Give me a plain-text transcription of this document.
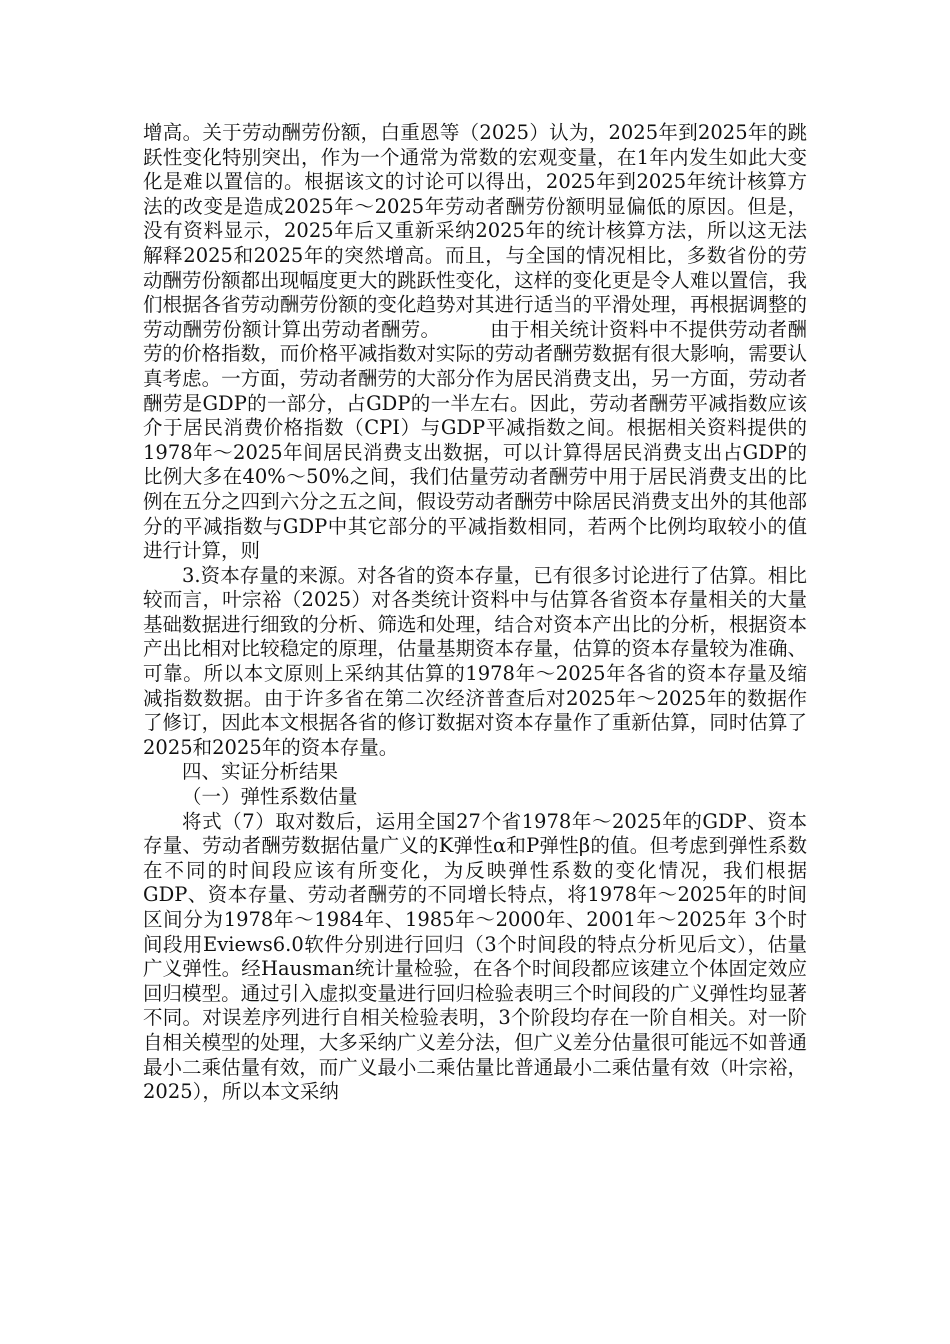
增高。关于劳动酬劳份额，白重恩等（2025）认为，2025年到2025年的跳跃性变化特别突出，作为一个通常为常数的宏观变量，在1年内发生如此大变化是难以置信的。根据该文的讨论可以得出，2025年到2025年统计核算方法的改变是造成2025年～2025年劳动者酬劳份额明显偏低的原因。但是，没有资料显示，2025年后又重新采纳2025年的统计核算方法，所以这无法解释2025和2025年的突然增高。而且，与全国的情况相比，多数省份的劳动酬劳份额都出现幅度更大的跳跃性变化，这样的变化更是令人难以置信，我们根据各省劳动酬劳份额的变化趋势对其进行适当的平滑处理，再根据调整的劳动酬劳份额计算出劳动者酬劳。　　　由于相关统计资料中不提供劳动者酬劳的价格指数，而价格平减指数对实际的劳动者酬劳数据有很大影响，需要认真考虑。一方面，劳动者酬劳的大部分作为居民消费支出，另一方面，劳动者酬劳是GDP的一部分，占GDP的一半左右。因此，劳动者酬劳平减指数应该介于居民消费价格指数（CPI）与GDP平减指数之间。根据相关资料提供的1978年～2025年间居民消费支出数据，可以计算得居民消费支出占GDP的比例大多在40%～50%之间，我们估量劳动者酬劳中用于居民消费支出的比例在五分之四到六分之五之间，假设劳动者酬劳中除居民消费支出外的其他部分的平减指数与GDP中其它部分的平减指数相同，若两个比例均取较小的值进行计算，则

3.资本存量的来源。对各省的资本存量，已有很多讨论进行了估算。相比较而言，叶宗裕（2025）对各类统计资料中与估算各省资本存量相关的大量基础数据进行细致的分析、筛选和处理，结合对资本产出比的分析，根据资本产出比相对比较稳定的原理，估量基期资本存量，估算的资本存量较为准确、可靠。所以本文原则上采纳其估算的1978年～2025年各省的资本存量及缩减指数数据。由于许多省在第二次经济普查后对2025年～2025年的数据作了修订，因此本文根据各省的修订数据对资本存量作了重新估算，同时估算了2025和2025年的资本存量。

四、实证分析结果

（一）弹性系数估量

将式（7）取对数后，运用全国27个省1978年～2025年的GDP、资本存量、劳动者酬劳数据估量广义的K弹性α和P弹性β的值。但考虑到弹性系数在不同的时间段应该有所变化，为反映弹性系数的变化情况，我们根据GDP、资本存量、劳动者酬劳的不同增长特点，将1978年～2025年的时间区间分为1978年～1984年、1985年～2000年、2001年～2025年 3个时间段用Eviews6.0软件分别进行回归（3个时间段的特点分析见后文），估量广义弹性。经Hausman统计量检验，在各个时间段都应该建立个体固定效应回归模型。通过引入虚拟变量进行回归检验表明三个时间段的广义弹性均显著不同。对误差序列进行自相关检验表明，3个阶段均存在一阶自相关。对一阶自相关模型的处理，大多采纳广义差分法，但广义差分估量很可能远不如普通最小二乘估量有效，而广义最小二乘估量比普通最小二乘估量有效（叶宗裕，2025），所以本文采纳
